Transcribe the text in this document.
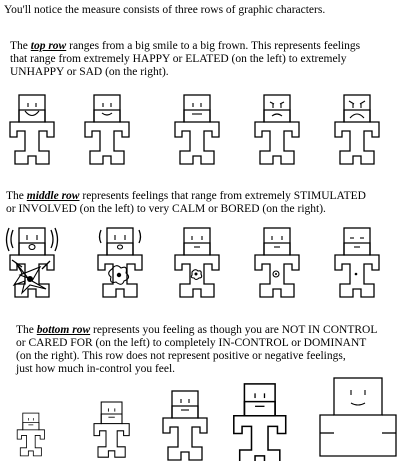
You'll notice the measure consists of three rows of graphic characters.
The top row ranges from a big smile to a big frown. This represents feelings
that range from extremely HAPPY or ELATED (on the left) to extremely
UNHAPPY or SAD (on the right).
The middle row represents feelings that range from extremely STIMULATED
or INVOLVED (on the left) to very CALM or BORED (on the right).
The bottom row represents you feeling as though you are NOT IN CONTROL
or CARED FOR (on the left) to completely IN-CONTROL or DOMINANT
(on the right). This row does not represent positive or negative feelings,
just how much in-control you feel.
